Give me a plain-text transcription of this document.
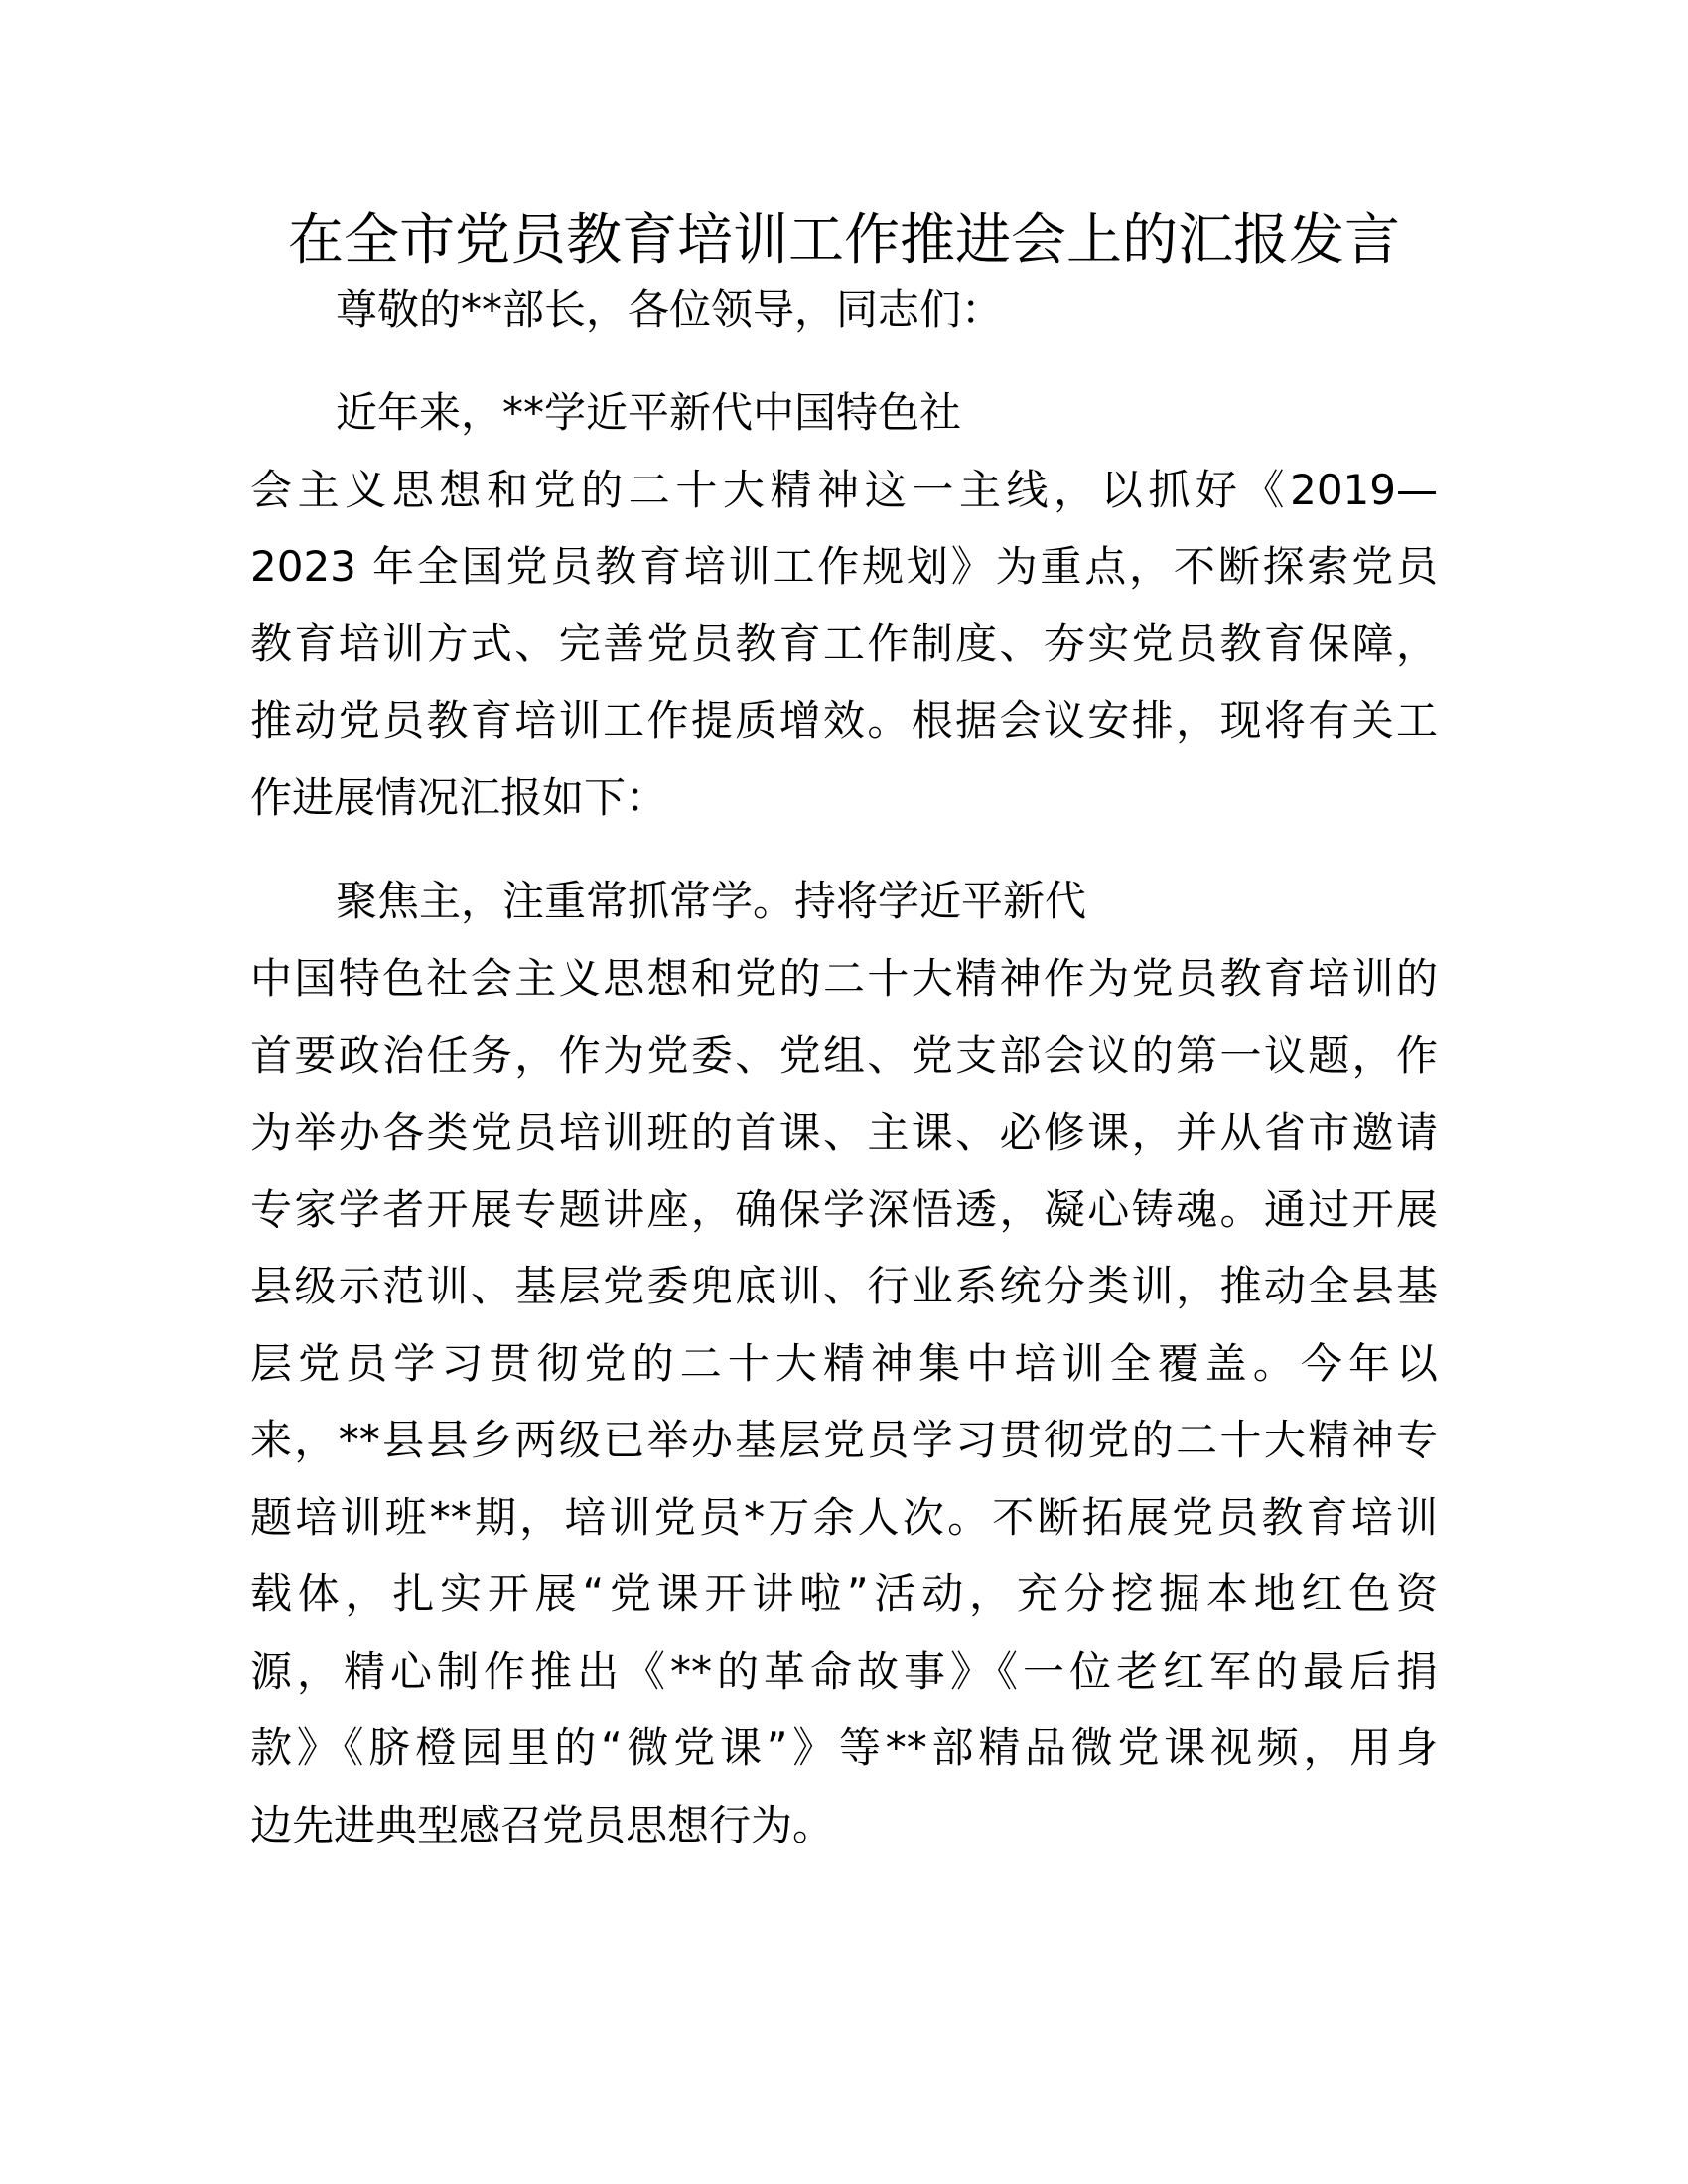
在全市党员教育培训工作推进会上的汇报发言

尊敬的**部长，各位领导，同志们：

近年来，**学近平新代中国特色社

会主义思想和党的二十大精神这一主线，以抓好《2019—

2023 年全国党员教育培训工作规划》为重点，不断探索党员

教育培训方式、完善党员教育工作制度、夯实党员教育保障，

推动党员教育培训工作提质增效。根据会议安排，现将有关工

作进展情况汇报如下：

聚焦主，注重常抓常学。持将学近平新代

中国特色社会主义思想和党的二十大精神作为党员教育培训的

首要政治任务，作为党委、党组、党支部会议的第一议题，作

为举办各类党员培训班的首课、主课、必修课，并从省市邀请

专家学者开展专题讲座，确保学深悟透，凝心铸魂。通过开展

县级示范训、基层党委兜底训、行业系统分类训，推动全县基

层党员学习贯彻党的二十大精神集中培训全覆盖。今年以

来，**县县乡两级已举办基层党员学习贯彻党的二十大精神专

题培训班**期，培训党员*万余人次。不断拓展党员教育培训

载体，扎实开展“党课开讲啦”活动，充分挖掘本地红色资

源，精心制作推出《**的革命故事》《一位老红军的最后捐

款》《脐橙园里的“微党课”》等**部精品微党课视频，用身

边先进典型感召党员思想行为。
